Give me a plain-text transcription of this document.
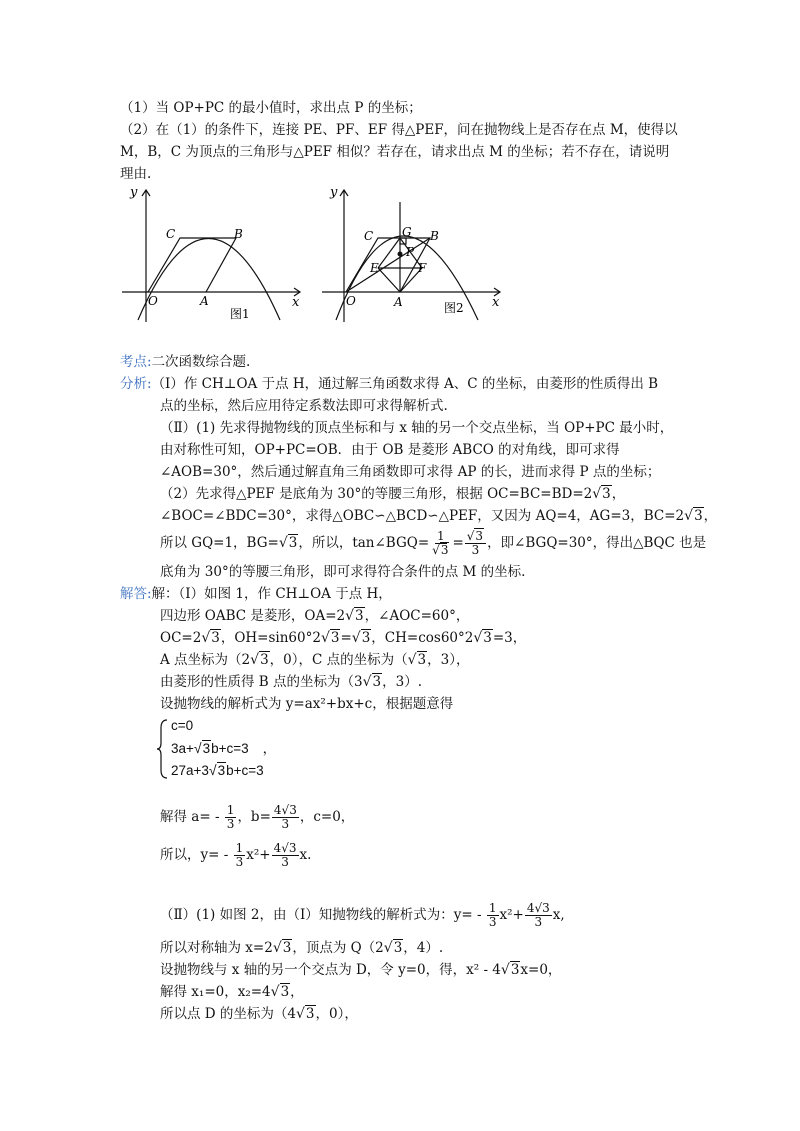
（1）当 OP+PC 的最小值时，求出点 P 的坐标；
（2）在（1）的条件下，连接 PE、PF、EF 得△PEF，问在抛物线上是否存在点 M，使得以
M，B，C 为顶点的三角形与△PEF 相似？若存在，请求出点 M 的坐标；若不存在，请说明
理由.
y
x
O	A
C	B
图1
y
x
O	A
C G B
P
E	F
图2
考点:二次函数综合题.
分析:（Ⅰ）作 CH⊥OA 于点 H，通过解三角函数求得 A、C 的坐标，由菱形的性质得出 B
点的坐标，然后应用待定系数法即可求得解析式.
（Ⅱ）(1) 先求得抛物线的顶点坐标和与 x 轴的另一个交点坐标，当 OP+PC 最小时，
由对称性可知，OP+PC=OB．由于 OB 是菱形 ABCO 的对角线，即可求得
∠AOB=30°，然后通过解直角三角函数即可求得 AP 的长，进而求得 P 点的坐标；
（2）先求得△PEF 是底角为 30°的等腰三角形，根据 OC=BC=BD=2√3，
∠BOC=∠BDC=30°，求得△OBC∽△BCD∽△PEF，又因为 AQ=4，AG=3，BC=2√3，
所以 GQ=1，BG=√3，所以，tan∠BGQ= $\frac{1}{√3} = \frac{√3}{3}$ ，即∠BGQ=30°，得出△BQC 也是
底角为 30°的等腰三角形，即可求得符合条件的点 M 的坐标.
解答:解：（Ⅰ）如图 1，作 CH⊥OA 于点 H，
四边形 OABC 是菱形，OA=2√3，∠AOC=60°，
OC=2√3，OH=sin60°2√3=√3，CH=cos60°2√3=3，
A 点坐标为（2√3，0），C 点的坐标为（√3，3），
由菱形的性质得 B 点的坐标为（3√3，3）.
设抛物线的解析式为 y=ax²+bx+c，根据题意得
c=0
3a+√3b+c=3 ，
27a+3√3b+c=3
解得 $a= - \frac{1}{3}$ ，$b= \frac{4√3}{3}$ ，c=0，
所以，$y= - \frac{1}{3} x^2+ \frac{4√3}{3} x$.
（Ⅱ）(1) 如图 2，由（Ⅰ）知抛物线的解析式为：$y= - \frac{1}{3} x^2+ \frac{4√3}{3} x$,
所以对称轴为 x=2√3，顶点为 Q（2√3，4）.
设抛物线与 x 轴的另一个交点为 D，令 y=0，得，x² - 4√3x=0，
解得 x₁=0，x₂=4√3，
所以点 D 的坐标为（4√3，0），
